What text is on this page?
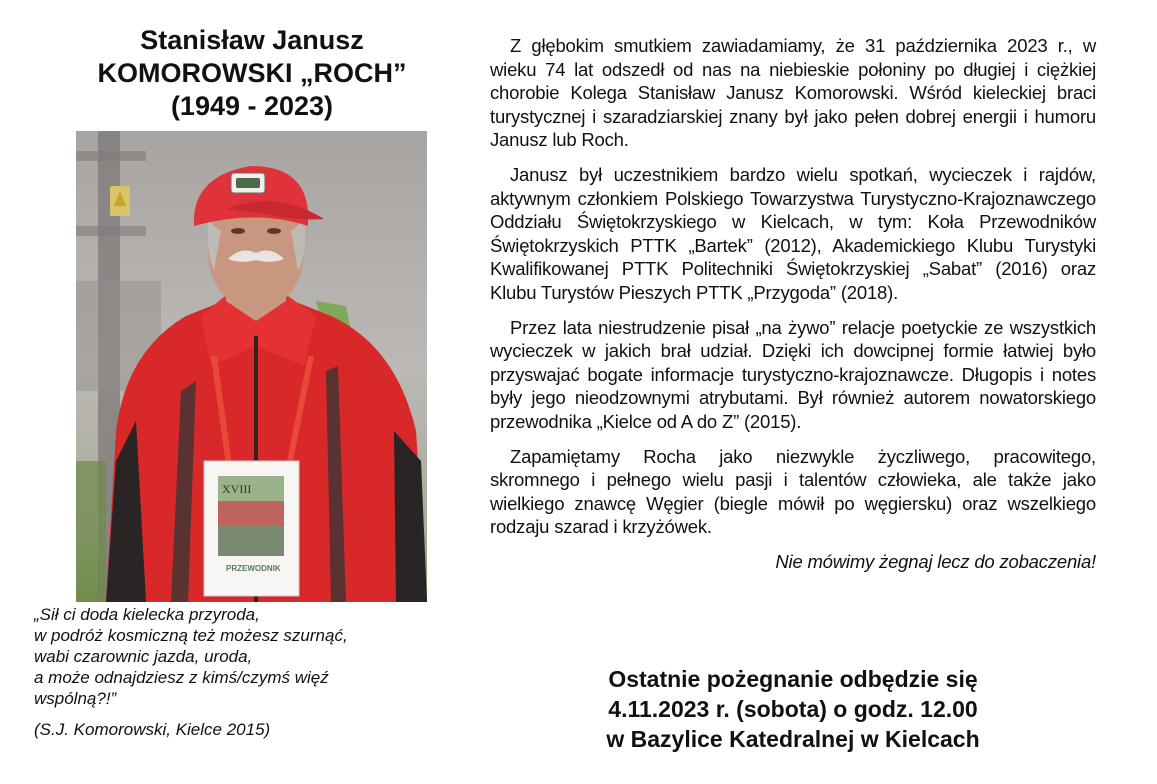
Stanisław Janusz
KOMOROWSKI „ROCH”
(1949 - 2023)
XVIII
PRZEWODNIK
„Sił ci doda kielecka przyroda,
w podróż kosmiczną też możesz szurnąć,
wabi czarownic jazda, uroda,
a może odnajdziesz z kimś/czymś więź
wspólną?!”
(S.J. Komorowski, Kielce 2015)

Z głębokim smutkiem zawiadamiamy, że 31 października 2023 r., w wieku 74 lat odszedł od nas na niebieskie połoniny po długiej i ciężkiej chorobie Kolega Stanisław Janusz Komorowski. Wśród kieleckiej braci turystycznej i szaradziarskiej znany był jako pełen dobrej energii i humoru Janusz lub Roch.

Janusz był uczestnikiem bardzo wielu spotkań, wycieczek i rajdów, aktywnym członkiem Polskiego Towarzystwa Turystyczno-Krajoznawczego Oddziału Świętokrzyskiego w Kielcach, w tym: Koła Przewodników Świętokrzyskich PTTK „Bartek” (2012), Akademickiego Klubu Turystyki Kwalifikowanej PTTK Politechniki Świętokrzyskiej „Sabat” (2016) oraz Klubu Turystów Pieszych PTTK „Przygoda” (2018).

Przez lata niestrudzenie pisał „na żywo” relacje poetyckie ze wszystkich wycieczek w jakich brał udział. Dzięki ich dowcipnej formie łatwiej było przyswajać bogate informacje turystyczno-krajoznawcze. Długopis i notes były jego nieodzownymi atrybutami. Był również autorem nowatorskiego przewodnika „Kielce od A do Z” (2015).

Zapamiętamy Rocha jako niezwykle życzliwego, pracowitego, skromnego i pełnego wielu pasji i talentów człowieka, ale także jako wielkiego znawcę Węgier (biegle mówił po węgiersku) oraz wszelkiego rodzaju szarad i krzyżówek.

Nie mówimy żegnaj lecz do zobaczenia!
Ostatnie pożegnanie odbędzie się
4.11.2023 r. (sobota) o godz. 12.00
w Bazylice Katedralnej w Kielcach
